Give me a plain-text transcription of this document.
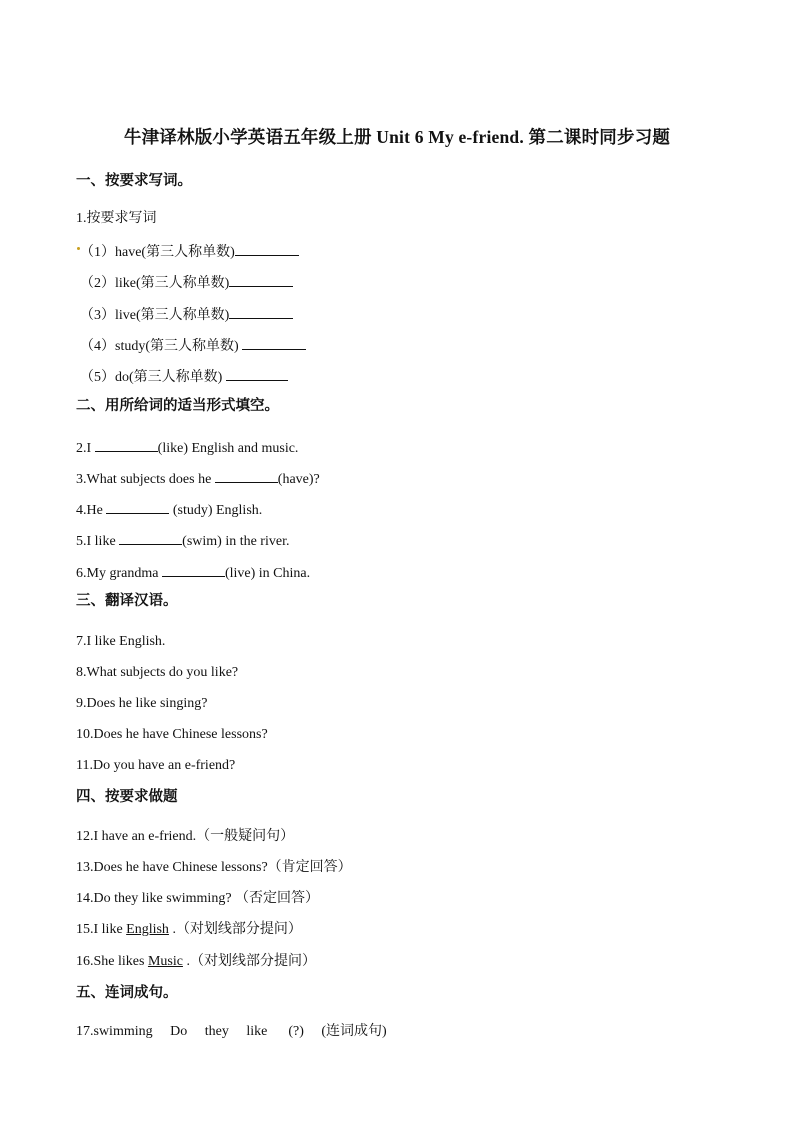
牛津译林版小学英语五年级上册 Unit 6 My e-friend. 第二课时同步习题
一、按要求写词。
1.按要求写词
（1）have(第三人称单数)
（2）like(第三人称单数)
（3）live(第三人称单数)
（4）study(第三人称单数)
（5）do(第三人称单数)
二、用所给词的适当形式填空。
2.I	(like) English and music.
3.What subjects does he	(have)?
4.He	(study) English.
5.I like	(swim) in the river.
6.My grandma	(live) in China.
三、翻译汉语。
7.I like English.
8.What subjects do you like?
9.Does he like singing?
10.Does he have Chinese lessons?
11.Do you have an e-friend?
四、按要求做题
12.I have an e-friend.（一般疑问句）
13.Does he have Chinese lessons?（肯定回答）
14.Do they like swimming? （否定回答）
15.I like English .（对划线部分提问）
16.She likes Music .（对划线部分提问）
五、连词成句。
17.swimming     Do     they     like      (?)     (连词成句)
